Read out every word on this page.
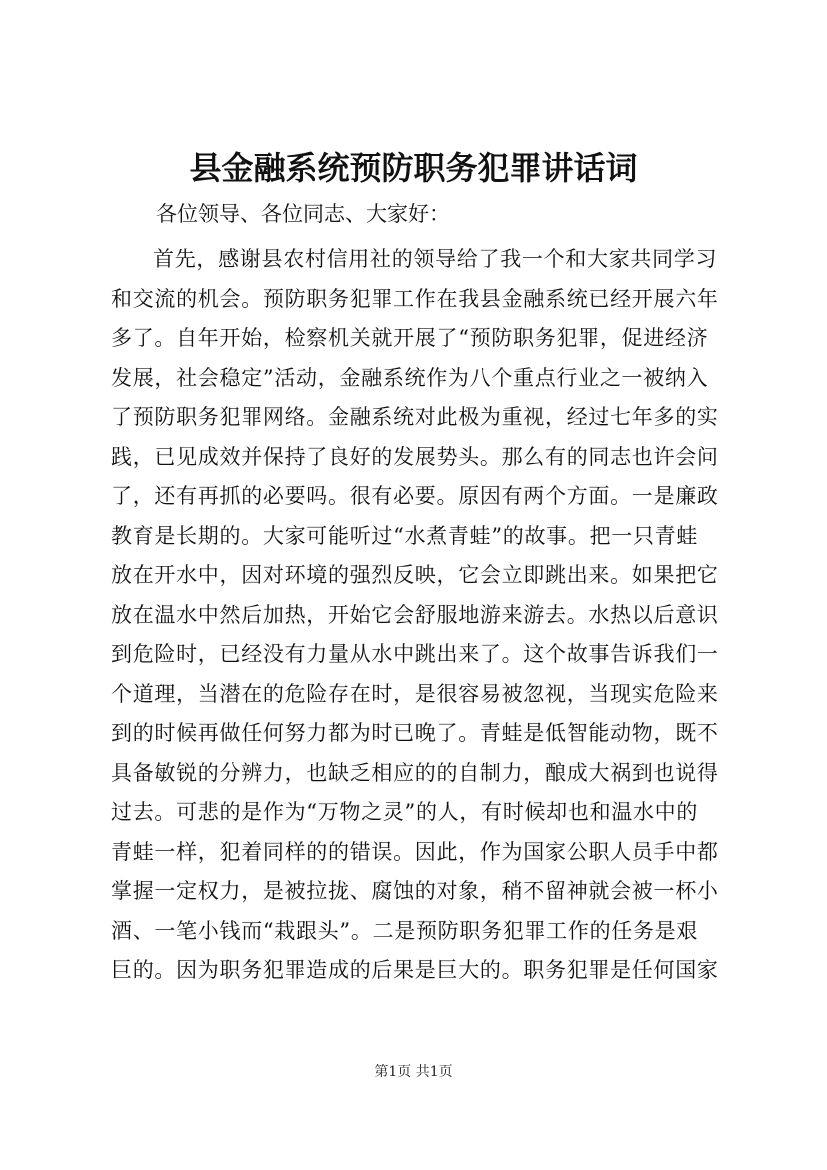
县金融系统预防职务犯罪讲话词
各位领导、各位同志、大家好：
首先，感谢县农村信用社的领导给了我一个和大家共同学习
和交流的机会。预防职务犯罪工作在我县金融系统已经开展六年
多了。自年开始，检察机关就开展了“预防职务犯罪，促进经济
发展，社会稳定”活动，金融系统作为八个重点行业之一被纳入
了预防职务犯罪网络。金融系统对此极为重视，经过七年多的实
践，已见成效并保持了良好的发展势头。那么有的同志也许会问
了，还有再抓的必要吗。很有必要。原因有两个方面。一是廉政
教育是长期的。大家可能听过“水煮青蛙”的故事。把一只青蛙
放在开水中，因对环境的强烈反映，它会立即跳出来。如果把它
放在温水中然后加热，开始它会舒服地游来游去。水热以后意识
到危险时，已经没有力量从水中跳出来了。这个故事告诉我们一
个道理，当潜在的危险存在时，是很容易被忽视，当现实危险来
到的时候再做任何努力都为时已晚了。青蛙是低智能动物，既不
具备敏锐的分辨力，也缺乏相应的的自制力，酿成大祸到也说得
过去。可悲的是作为“万物之灵”的人，有时候却也和温水中的
青蛙一样，犯着同样的的错误。因此，作为国家公职人员手中都
掌握一定权力，是被拉拢、腐蚀的对象，稍不留神就会被一杯小
酒、一笔小钱而“栽跟头”。二是预防职务犯罪工作的任务是艰
巨的。因为职务犯罪造成的后果是巨大的。职务犯罪是任何国家
第1页 共1页
